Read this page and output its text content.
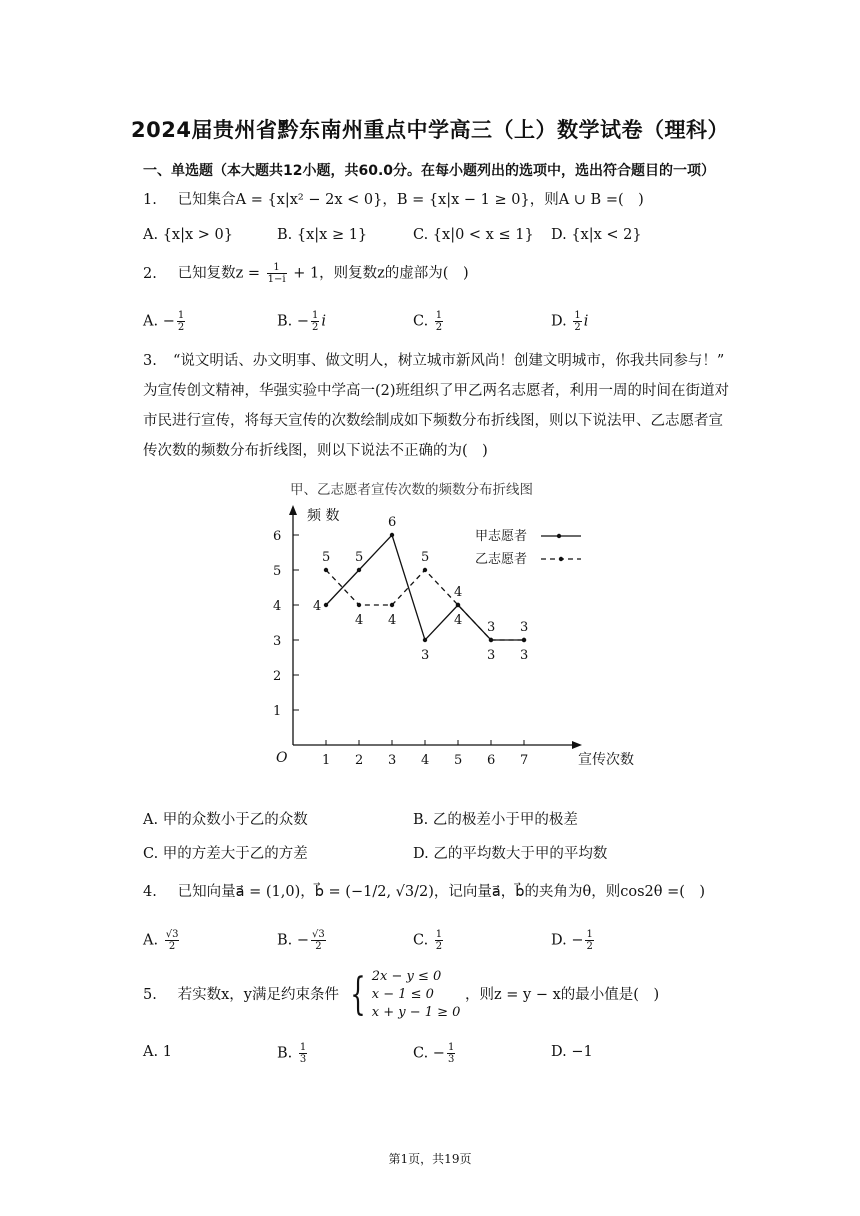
2024届贵州省黔东南州重点中学高三（上）数学试卷（理科）
一、单选题（本大题共12小题，共60.0分。在每小题列出的选项中，选出符合题目的一项）
1. 已知集合A = {x|x² − 2x < 0}，B = {x|x − 1 ≥ 0}，则A ∪ B =(　)
A. {x|x > 0}	B. {x|x ≥ 1}	C. {x|0 < x ≤ 1} D. {x|x < 2}
2. 已知复数$z = \frac{1}{1-i} + 1$，则复数z的虚部为(　)
A. − $\frac{1}{2}$	B. − $\frac{1}{2}$ i	C. $\frac{1}{2}$	D. $\frac{1}{2}$ i
3. “说文明话、办文明事、做文明人，树立城市新风尚！创建文明城市，你我共同参与！”
为宣传创文精神，华强实验中学高一(2)班组织了甲乙两名志愿者，利用一周的时间在街道对
市民进行宣传，将每天宣传的次数绘制成如下频数分布折线图，则以下说法甲、乙志愿者宣
传次数的频数分布折线图，则以下说法不正确的为(　)
甲、乙志愿者宣传次数的频数分布折线图
频 数
宣传次数
O
1
2
3
4
5
6
1 2 3 4 5 6 7
4
5 5
4
6
4
3
5
4
4 3
3
3
3
甲志愿者
乙志愿者
A. 甲的众数小于乙的众数	B. 乙的极差小于甲的极差
C. 甲的方差大于乙的方差	D. 乙的平均数大于甲的平均数
4. 已知向量a⃗ = (1,0)，b⃗ = (−1/2, √3/2)，记向量a⃗，b⃗的夹角为θ，则cos2θ =(　)
A. $\frac{√3}{2}$	B. − $\frac{√3}{2}$	C. $\frac{1}{2}$	D. − $\frac{1}{2}$
5. 若实数x，y满足约束条件 { 2x − y ≤ 0
x − 1 ≤ 0
x + y − 1 ≥ 0
，则z = y − x的最小值是(　)
A. 1	B. $\frac{1}{3}$	C. − $\frac{1}{3}$	D. −1
第1页，共19页
